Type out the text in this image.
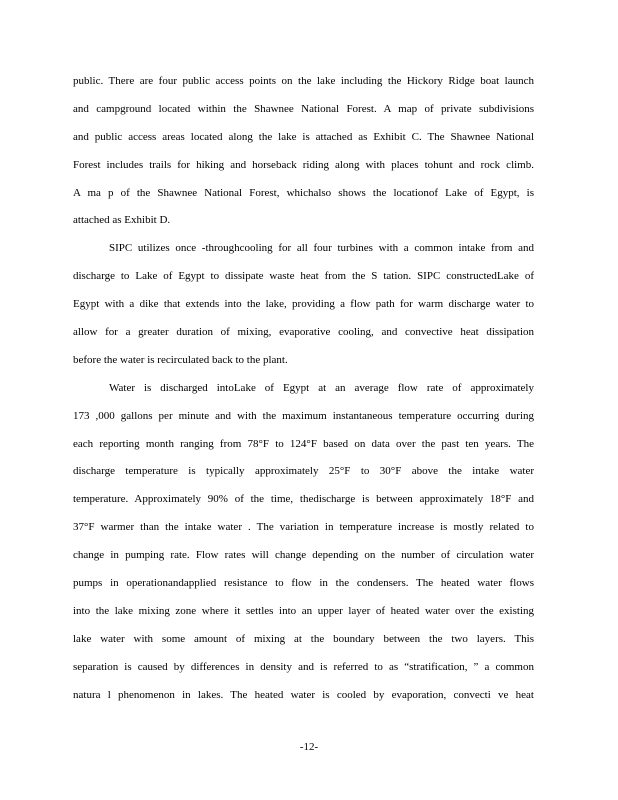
public. There are four public access points on the lake including the Hickory Ridge boat launch
and campground located within the Shawnee National Forest. A map of private subdivisions
and public access areas located along the lake is attached as Exhibit C. The Shawnee National
Forest includes trails for hiking and horseback riding along with places tohunt and rock climb.
A ma p of the Shawnee National Forest, whichalso shows the locationof Lake of Egypt, is
attached as Exhibit D.
SIPC utilizes once -throughcooling for all four turbines with a common intake from and
discharge to Lake of Egypt to dissipate waste heat from the S tation. SIPC constructedLake of
Egypt with a dike that extends into the lake, providing a flow path for warm discharge water to
allow for a greater duration of mixing, evaporative cooling, and convective heat dissipation
before the water is recirculated back to the plant.
Water is discharged intoLake of Egypt at an average flow rate of approximately
173 ,000 gallons per minute and with the maximum instantaneous temperature occurring during
each reporting month ranging from 78°F to 124°F based on data over the past ten years. The
discharge temperature is typically approximately 25°F to 30°F above the intake water
temperature. Approximately 90% of the time, thedischarge is between approximately 18°F and
37°F warmer than the intake water . The variation in temperature increase is mostly related to
change in pumping rate. Flow rates will change depending on the number of circulation water
pumps in operationandapplied resistance to flow in the condensers. The heated water flows
into the lake mixing zone where it settles into an upper layer of heated water over the existing
lake water with some amount of mixing at the boundary between the two layers. This
separation is caused by differences in density and is referred to as “stratification, ” a common
natura l phenomenon in lakes. The heated water is cooled by evaporation, convecti ve heat
-12-
